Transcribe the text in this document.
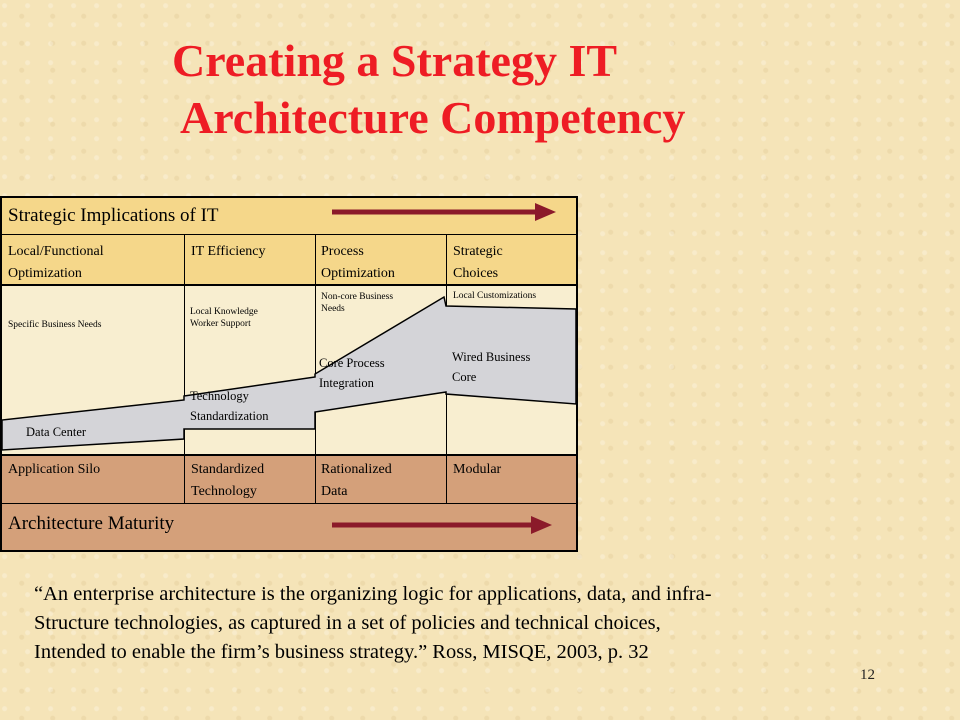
Creating a Strategy IT
Architecture Competency
Strategic Implications of IT
Architecture Maturity
Local/Functional
Optimization
IT Efficiency	Process
Optimization
Strategic
Choices
Specific Business Needs
Local Knowledge
Worker Support
Non-core Business
Needs
Local Customizations
Data Center
Technology
Standardization
Core Process
Integration
Wired Business
Core
Application Silo	Standardized
Technology
Rationalized
Data
Modular
“An enterprise architecture is the organizing logic for applications, data, and infra-
Structure technologies, as captured in a set of policies and technical choices,
Intended to enable the firm’s business strategy.” Ross, MISQE, 2003, p. 32
12
